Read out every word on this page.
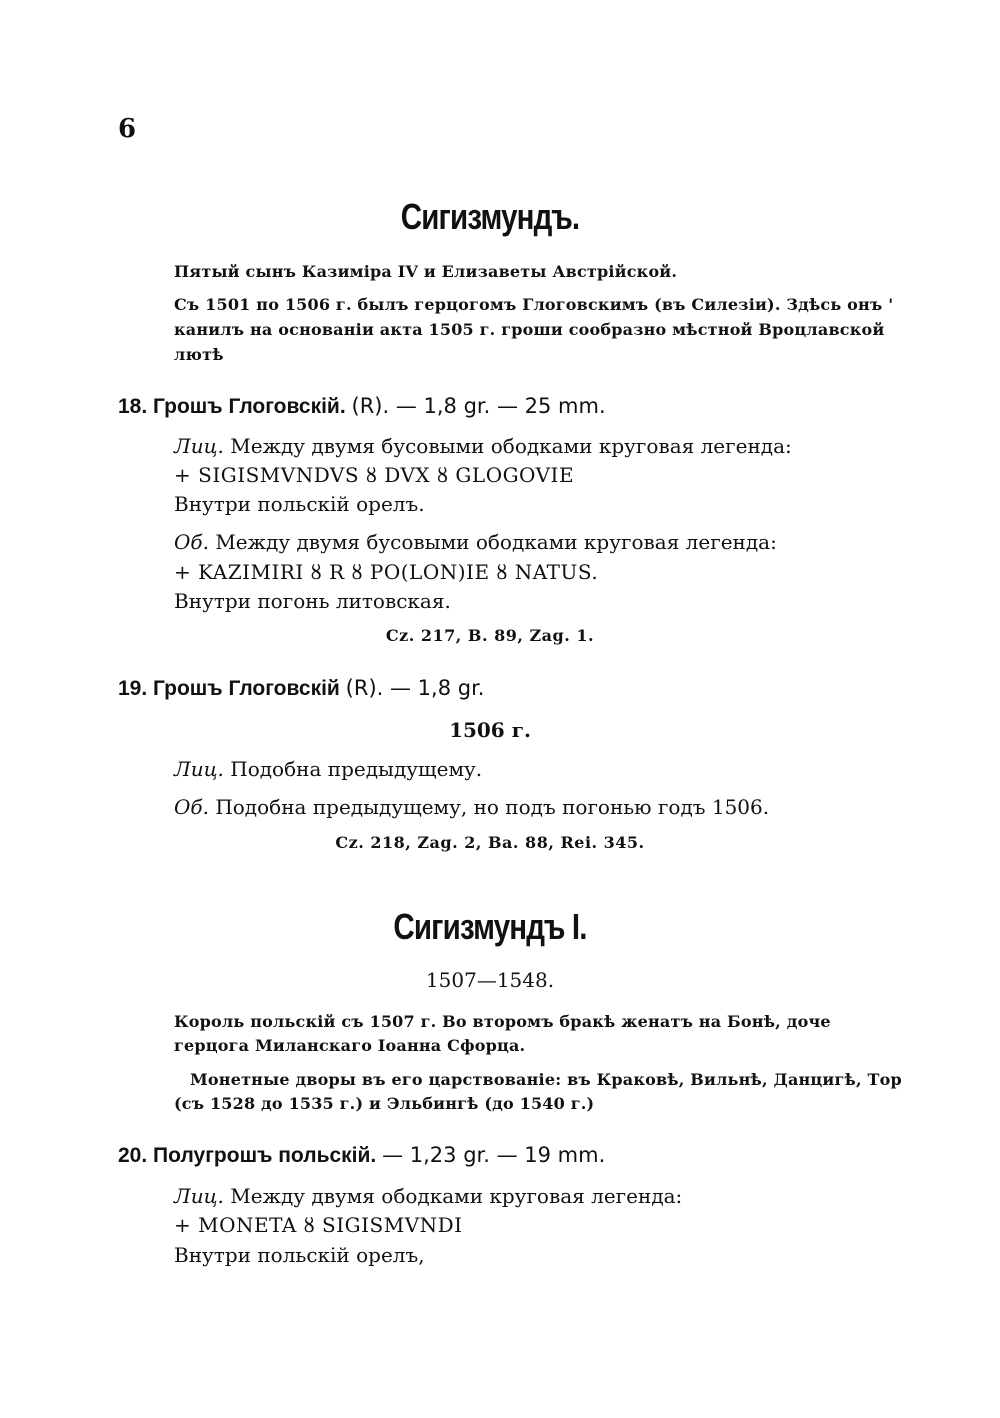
6
Сигизмундъ.
Пятый сынъ Казиміра IV и Елизаветы Австрійской.
Съ 1501 по 1506 г. былъ герцогомъ Глоговскимъ (въ Силезіи). Здѣсь онъ '
канилъ на основаніи акта 1505 г. гроши сообразно мѣстной Вроцлавской
лютѣ
18. Грошъ Глоговскій. (R). — 1,8 gr. — 25 mm.
Лиц. Между двумя бусовыми ободками круговая легенда:
+ SIGISMVNDVS ȣ DVX ȣ GLOGOVIE
Внутри польскій орелъ.
Об. Между двумя бусовыми ободками круговая легенда:
+ KAZIMIRI ȣ R ȣ PO(LON)IE ȣ NATUS.
Внутри погонь литовская.
Cz. 217, B. 89, Zag. 1.
19. Грошъ Глоговскій (R). — 1,8 gr.
1506 г.
Лиц. Подобна предыдущему.
Об. Подобна предыдущему, но подъ погонью годъ 1506.
Cz. 218, Zag. 2, Ba. 88, Rei. 345.
Сигизмундъ I.
1507—1548.
Король польскій съ 1507 г. Во второмъ бракѣ женатъ на Бонѣ, доче
герцога Миланскаго Іоанна Сфорца.
Монетные дворы въ его царствованіе: въ Краковѣ, Вильнѣ, Данцигѣ, Тор
(съ 1528 до 1535 г.) и Эльбингѣ (до 1540 г.)
20. Полугрошъ польскій. — 1,23 gr. — 19 mm.
Лиц. Между двумя ободками круговая легенда:
+ MONETA ȣ SIGISMVNDI
Внутри польскій орелъ,
